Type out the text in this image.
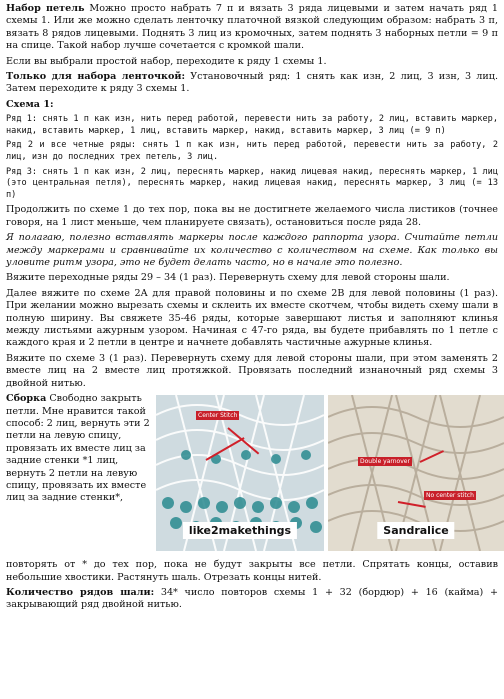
Набор петель Можно просто набрать 7 п и вязать 3 ряда лицевыми и затем начать ряд 1 схемы 1. Или же можно сделать ленточку платочной вязкой следующим образом: набрать 3 п, вязать 8 рядов лицевыми. Поднять 3 лиц из кромочных, затем поднять 3 наборных петли = 9 п на спице. Такой набор лучше сочетается с кромкой шали.

Если вы выбрали простой набор, переходите к ряду 1 схемы 1.

Только для набора ленточкой: Установочный ряд: 1 снять как изн, 2 лиц, 3 изн, 3 лиц. Затем переходите к ряду 3 схемы 1.

Схема 1:

Ряд 1: снять 1 п как изн, нить перед работой, перевести нить за работу, 2 лиц, вставить маркер, накид, вставить маркер, 1 лиц, вставить маркер, накид, вставить маркер, 3 лиц (= 9 п)

Ряд 2 и все четные ряды: снять 1 п как изн, нить перед работой, перевести нить за работу, 2 лиц, изн до последних трех петель, 3 лиц.

Ряд 3: снять 1 п как изн, 2 лиц, переснять маркер, накид лицевая накид, переснять маркер, 1 лиц (это центральная петля), переснять маркер, накид лицевая накид, переснять маркер, 3 лиц (= 13 п)

Продолжить по схеме 1 до тех пор, пока вы не достигнете желаемого числа листиков (точнее говоря, на 1 лист меньше, чем планируете связать), остановиться после ряда 28.

Я полагаю, полезно вставлять маркеры после каждого раппорта узора. Считайте петли между маркерами и сравнивайте их количество с количеством на схеме. Как только вы уловите ритм узора, это не будет делать часто, но в начале это полезно.

Вяжите переходные ряды 29 – 34 (1 раз). Перевернуть схему для левой стороны шали.

Далее вяжите по схеме 2А для правой половины и по схеме 2В для левой половины (1 раз). При желании можно вырезать схемы и склеить их вместе скотчем, чтобы видеть схему шали в полную ширину. Вы свяжете 35-46 ряды, которые завершают листья и заполняют клинья между листьями ажурным узором. Начиная с 47-го ряда, вы будете прибавлять по 1 петле с каждого края и 2 петли в центре и начнете добавлять частичные ажурные клинья.

Вяжите по схеме 3 (1 раз). Перевернуть схему для левой стороны шали, при этом заменять 2 вместе лиц на 2 вместе лиц протяжкой. Провязать последний изнаночный ряд схемы 3 двойной нитью.

Сборка Свободно закрыть петли. Мне нравится такой способ: 2 лиц, вернуть эти 2 петли на левую спицу, провязать их вместе лиц за задние стенки *1 лиц, вернуть 2 петли на левую спицу, провязать их вместе лиц за задние стенки*,

Center Stitch
like2makethings
Double yarnover
No center stitch
Sandralice

повторять от * до тех пор, пока не будут закрыты все петли. Спрятать концы, оставив небольшие хвостики. Растянуть шаль. Отрезать концы нитей.

Количество рядов шали: 34* число повторов схемы 1 + 32 (бордюр) + 16 (кайма) + закрывающий ряд двойной нитью.
